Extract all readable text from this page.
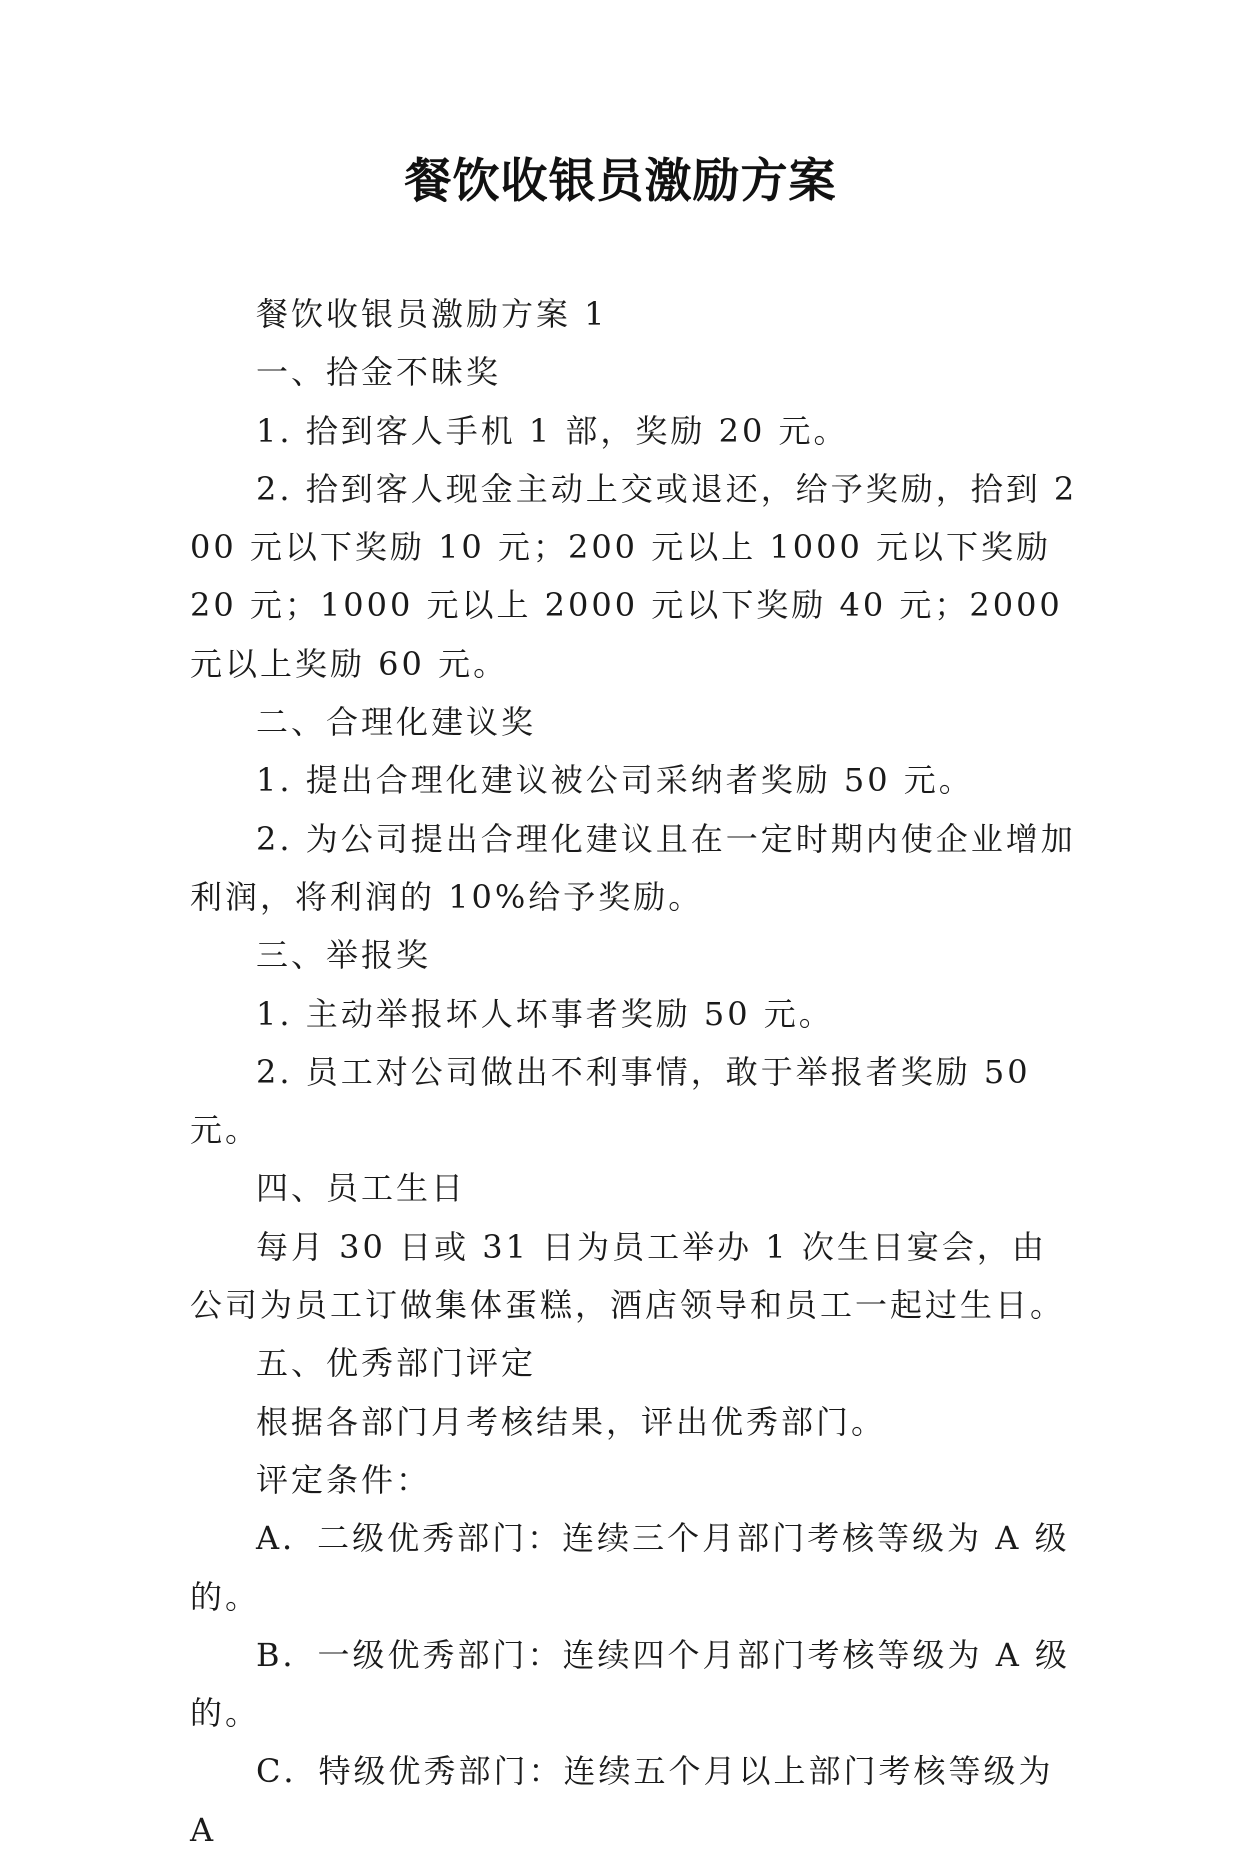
餐饮收银员激励方案

餐饮收银员激励方案 1

一、拾金不昧奖

1. 拾到客人手机 1 部，奖励 20 元。

2. 拾到客人现金主动上交或退还，给予奖励，拾到 200 元以下奖励 10 元；200 元以上 1000 元以下奖励 20 元；1000 元以上 2000 元以下奖励 40 元；2000 元以上奖励 60 元。

二、合理化建议奖

1. 提出合理化建议被公司采纳者奖励 50 元。

2. 为公司提出合理化建议且在一定时期内使企业增加利润，将利润的 10%给予奖励。

三、举报奖

1. 主动举报坏人坏事者奖励 50 元。

2. 员工对公司做出不利事情，敢于举报者奖励 50 元。

四、员工生日

每月 30 日或 31 日为员工举办 1 次生日宴会，由公司为员工订做集体蛋糕，酒店领导和员工一起过生日。

五、优秀部门评定

根据各部门月考核结果，评出优秀部门。

评定条件：

A．二级优秀部门：连续三个月部门考核等级为 A 级的。

B．一级优秀部门：连续四个月部门考核等级为 A 级的。

C．特级优秀部门：连续五个月以上部门考核等级为 A
